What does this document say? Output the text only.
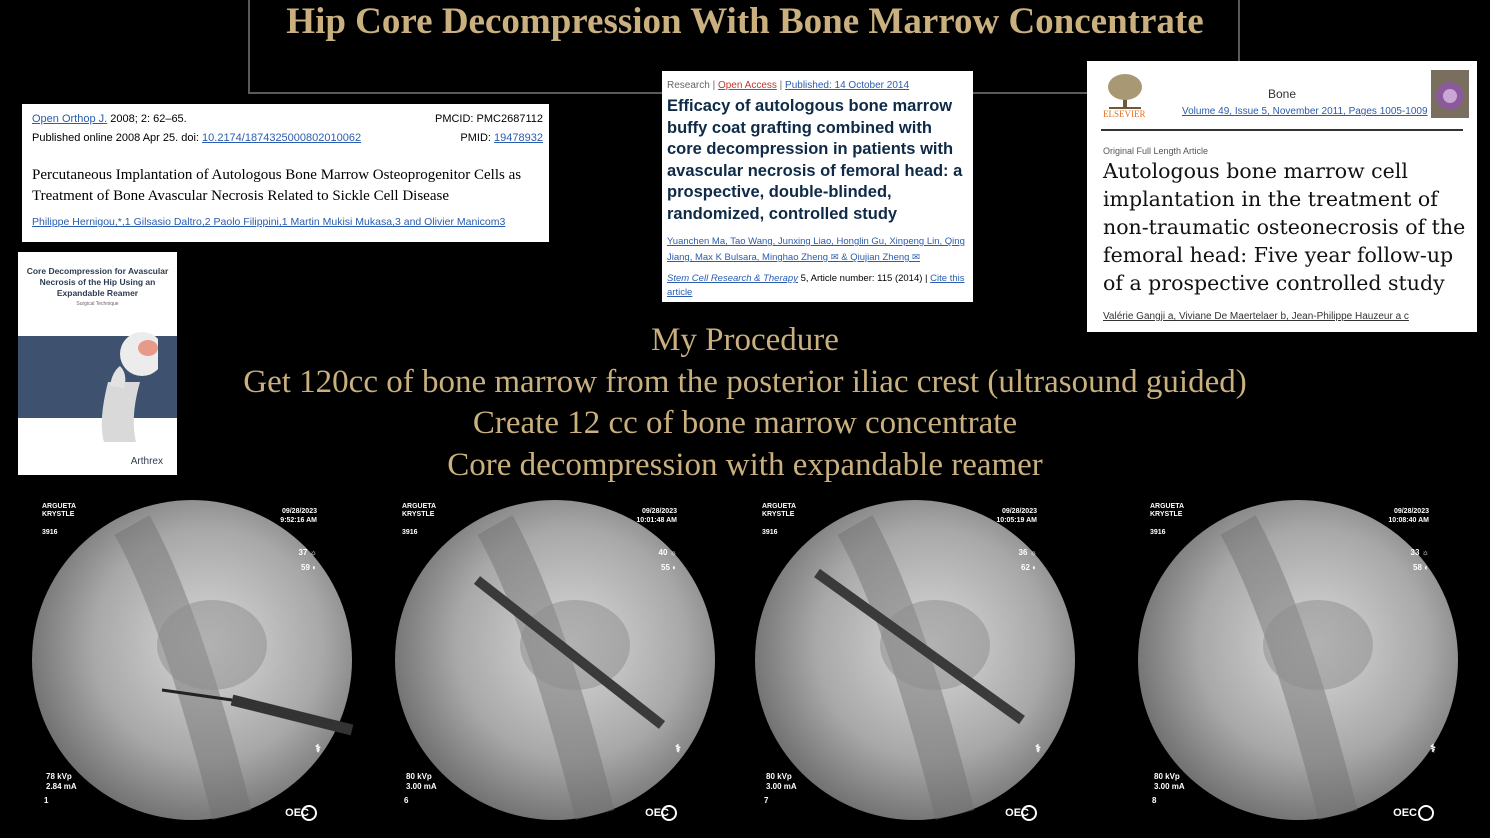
Hip Core Decompression With Bone Marrow Concentrate
Open Orthop J. 2008; 2: 62–65.	PMCID: PMC2687112
Published online 2008 Apr 25. doi: 10.2174/1874325000802010062	PMID: 19478932
Percutaneous Implantation of Autologous Bone Marrow Osteoprogenitor Cells as Treatment of Bone Avascular Necrosis Related to Sickle Cell Disease
Philippe Hernigou,*,1 Gilsasio Daltro,2 Paolo Filippini,1 Martin Mukisi Mukasa,3 and Olivier Manicom3
Research | Open Access | Published: 14 October 2014
Efficacy of autologous bone marrow buffy coat grafting combined with core decompression in patients with avascular necrosis of femoral head: a prospective, double-blinded, randomized, controlled study
Yuanchen Ma, Tao Wang, Junxing Liao, Honglin Gu, Xinpeng Lin, Qing Jiang, Max K Bulsara, Minghao Zheng ✉ & Qiujian Zheng ✉
Stem Cell Research & Therapy 5, Article number: 115 (2014) | Cite this article
ELSEVIER
Bone
Volume 49, Issue 5, November 2011, Pages 1005-1009
Original Full Length Article
Autologous bone marrow cell implantation in the treatment of non-traumatic osteonecrosis of the femoral head: Five year follow-up of a prospective controlled study
Valérie Gangji a, Viviane De Maertelaer b, Jean-Philippe Hauzeur a c
Core Decompression for Avascular Necrosis of the Hip Using an Expandable Reamer
Surgical Technique
Arthrex
My Procedure
Get 120cc of bone marrow from the posterior iliac crest (ultrasound guided)
Create 12 cc of bone marrow concentrate
Core decompression with expandable reamer
ARGUETA
KRYSTLE
3916
09/28/2023
9:52:16 AM
37 ☼
59 ◐
78 kVp
2.84 mA
1
OEC
⚕
ARGUETA
KRYSTLE
3916
09/28/2023
10:01:48 AM
40 ☼
55 ◐
80 kVp
3.00 mA
6
OEC
⚕
ARGUETA
KRYSTLE
3916
09/28/2023
10:05:19 AM
36 ☼
62 ◐
80 kVp
3.00 mA
7
OEC
⚕
ARGUETA
KRYSTLE
3916
09/28/2023
10:08:40 AM
33 ☼
58 ◐
80 kVp
3.00 mA
8
OEC
⚕
